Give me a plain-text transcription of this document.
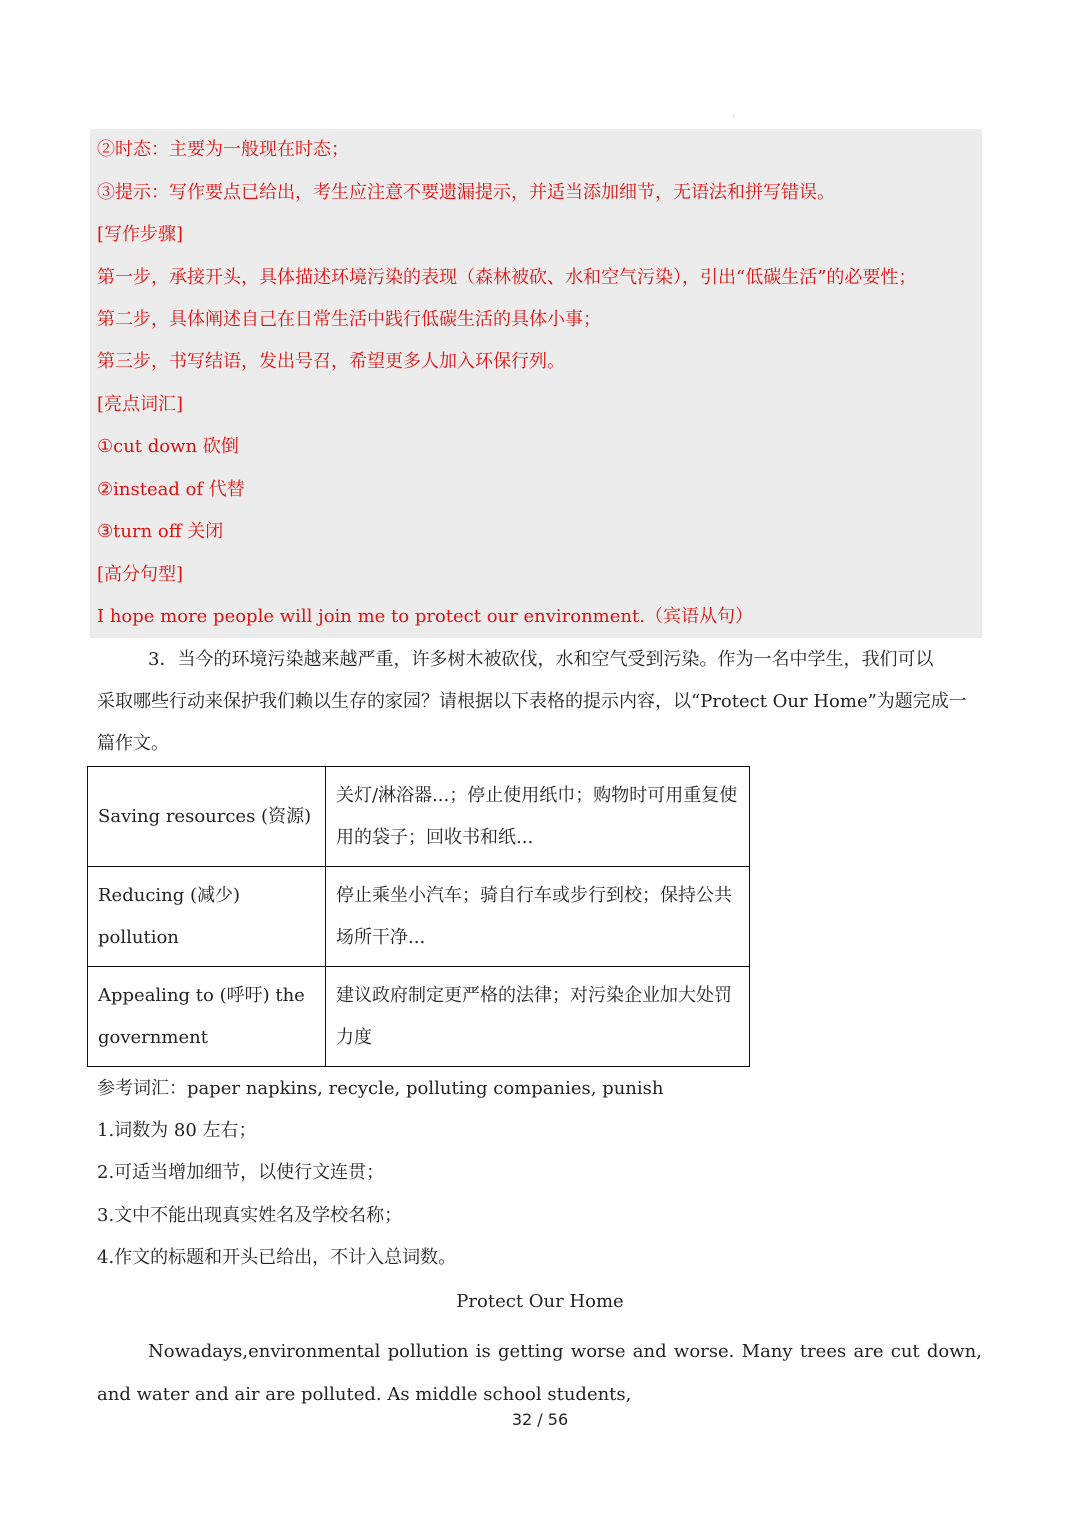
ı
②时态：主要为一般现在时态；
③提示：写作要点已给出，考生应注意不要遗漏提示，并适当添加细节，无语法和拼写错误。
[写作步骤]
第一步，承接开头，具体描述环境污染的表现（森林被砍、水和空气污染），引出“低碳生活”的必要性；
第二步，具体阐述自己在日常生活中践行低碳生活的具体小事；
第三步，书写结语，发出号召，希望更多人加入环保行列。
[亮点词汇]
①cut down 砍倒
②instead of 代替
③turn off 关闭
[高分句型]
I hope more people will join me to protect our environment.（宾语从句）
3．当今的环境污染越来越严重，许多树木被砍伐，水和空气受到污染。作为一名中学生，我们可以
采取哪些行动来保护我们赖以生存的家园？请根据以下表格的提示内容，以“Protect Our Home”为题完成一
篇作文。
Saving resources (资源)	关灯/淋浴器...；停止使用纸巾；购物时可用重复使用的袋子；回收书和纸...
Reducing (减少) pollution	停止乘坐小汽车；骑自行车或步行到校；保持公共场所干净...
Appealing to (呼吁) the government	建议政府制定更严格的法律；对污染企业加大处罚力度
参考词汇：paper napkins, recycle, polluting companies, punish
1.词数为 80 左右；
2.可适当增加细节，以使行文连贯；
3.文中不能出现真实姓名及学校名称；
4.作文的标题和开头已给出，不计入总词数。
Protect Our Home

Nowadays,environmental pollution is getting worse and worse. Many trees are cut down, and water and air are polluted. As middle school students,

32 / 56
